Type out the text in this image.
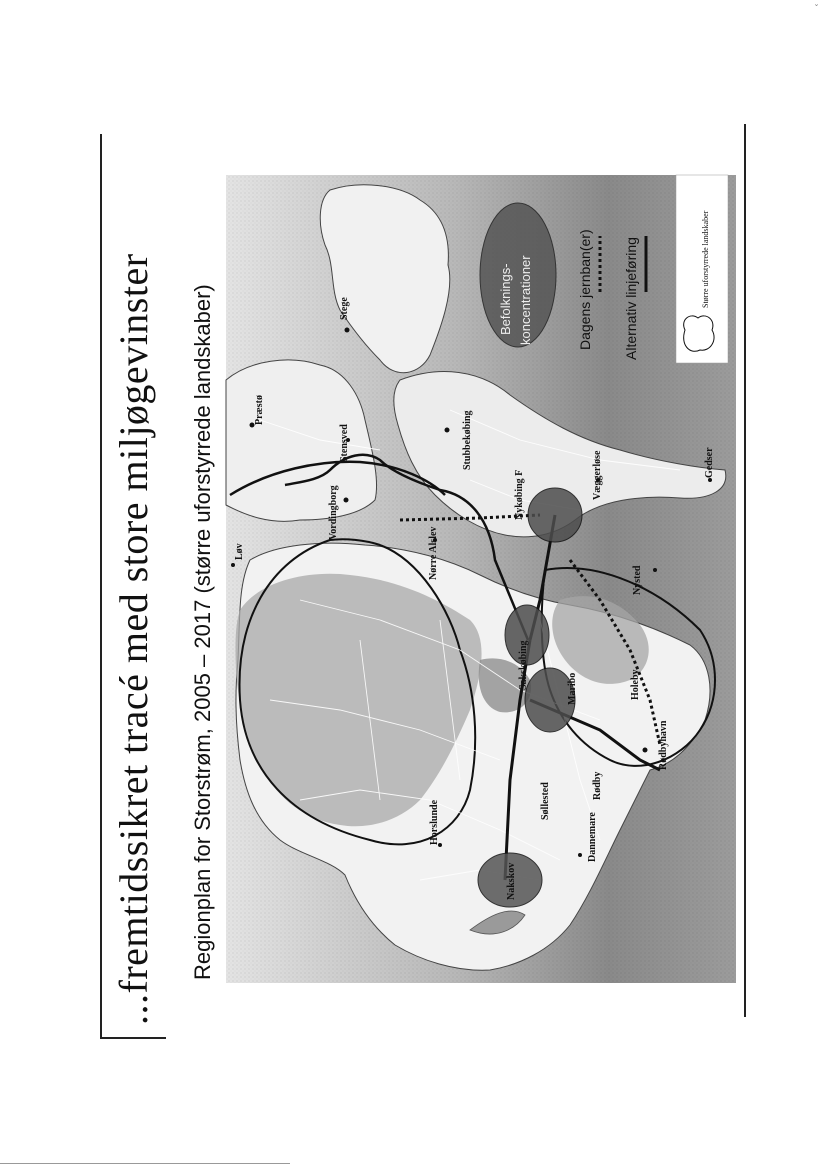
ˇ
...fremtidssikret tracé med store miljøgevinster Regionplan for Storstrøm, 2005 – 2017 (større uforstyrrede landskaber)	Stege
Præstø
Stensved
Vordingborg
Stubbekøbing
Løv	Nørre Alslev
Nykøbing F	Væggerløse	Gedser
Nysted
Sakskøbing	Maribo	Holeby
Rødby
Rødbyhavn
Søllested
Horslunde	Dannemare
Nakskov
Befolknings- koncentrationer	Dagens jernban(er) Alternativ linjeføring	Større uforstyrrede landskaber
